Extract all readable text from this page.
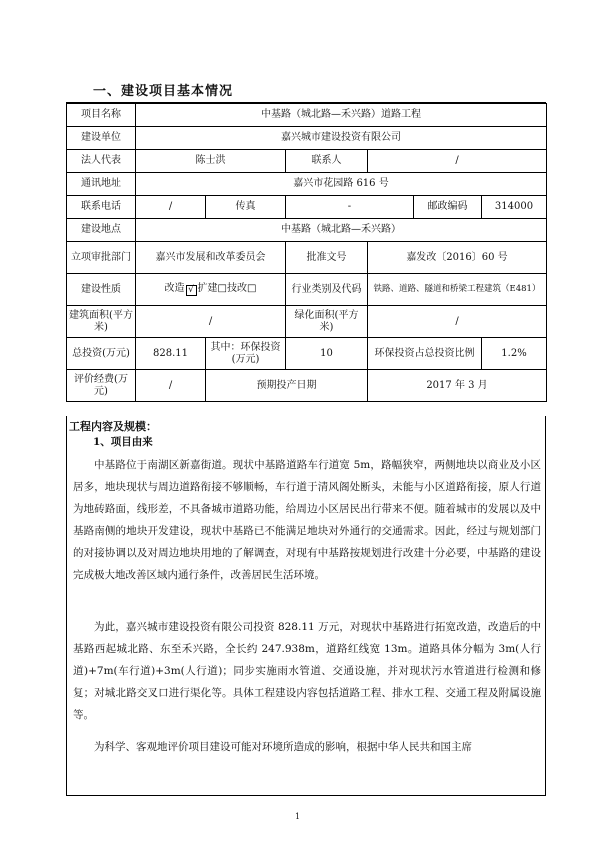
一、建设项目基本情况
项目名称	中基路（城北路—禾兴路）道路工程					
建设单位	嘉兴城市建设投资有限公司					
法人代表	陈士洪		联系人	/		
通讯地址	嘉兴市花园路 616 号					
联系电话	/	传真	-		邮政编码	314000
建设地点	中基路（城北路—禾兴路）					
立项审批部门	嘉兴市发展和改革委员会		批准文号	嘉发改〔2016〕60 号		
建设性质	改造 √ 扩建□技改□		行业类别及代码	铁路、道路、隧道和桥梁工程建筑（E481）		
建筑面积(平方米)	/		绿化面积(平方米)	/		
总投资(万元)	828.11	其中：环保投资(万元)	10	环保投资占总投资比例		1.2%
评价经费(万元)	/	预期投产日期		2017 年 3 月		
工程内容及规模：
1、项目由来

中基路位于南湖区新嘉街道。现状中基路道路车行道宽 5m，路幅狭窄，两侧地块以商业及小区居多，地块现状与周边道路衔接不够顺畅，车行道于清风阁处断头，未能与小区道路衔接，原人行道为地砖路面，线形差，不具备城市道路功能，给周边小区居民出行带来不便。随着城市的发展以及中基路南侧的地块开发建设，现状中基路已不能满足地块对外通行的交通需求。因此，经过与规划部门的对接协调以及对周边地块用地的了解调查，对现有中基路按规划进行改建十分必要，中基路的建设完成极大地改善区域内通行条件，改善居民生活环境。

为此，嘉兴城市建设投资有限公司投资 828.11 万元，对现状中基路进行拓宽改造，改造后的中基路西起城北路、东至禾兴路，全长约 247.938m，道路红线宽 13m。道路具体分幅为 3m(人行道)+7m(车行道)+3m(人行道)；同步实施雨水管道、交通设施，并对现状污水管道进行检测和修复；对城北路交叉口进行渠化等。具体工程建设内容包括道路工程、排水工程、交通工程及附属设施等。

为科学、客观地评价项目建设可能对环境所造成的影响，根据中华人民共和国主席

1
